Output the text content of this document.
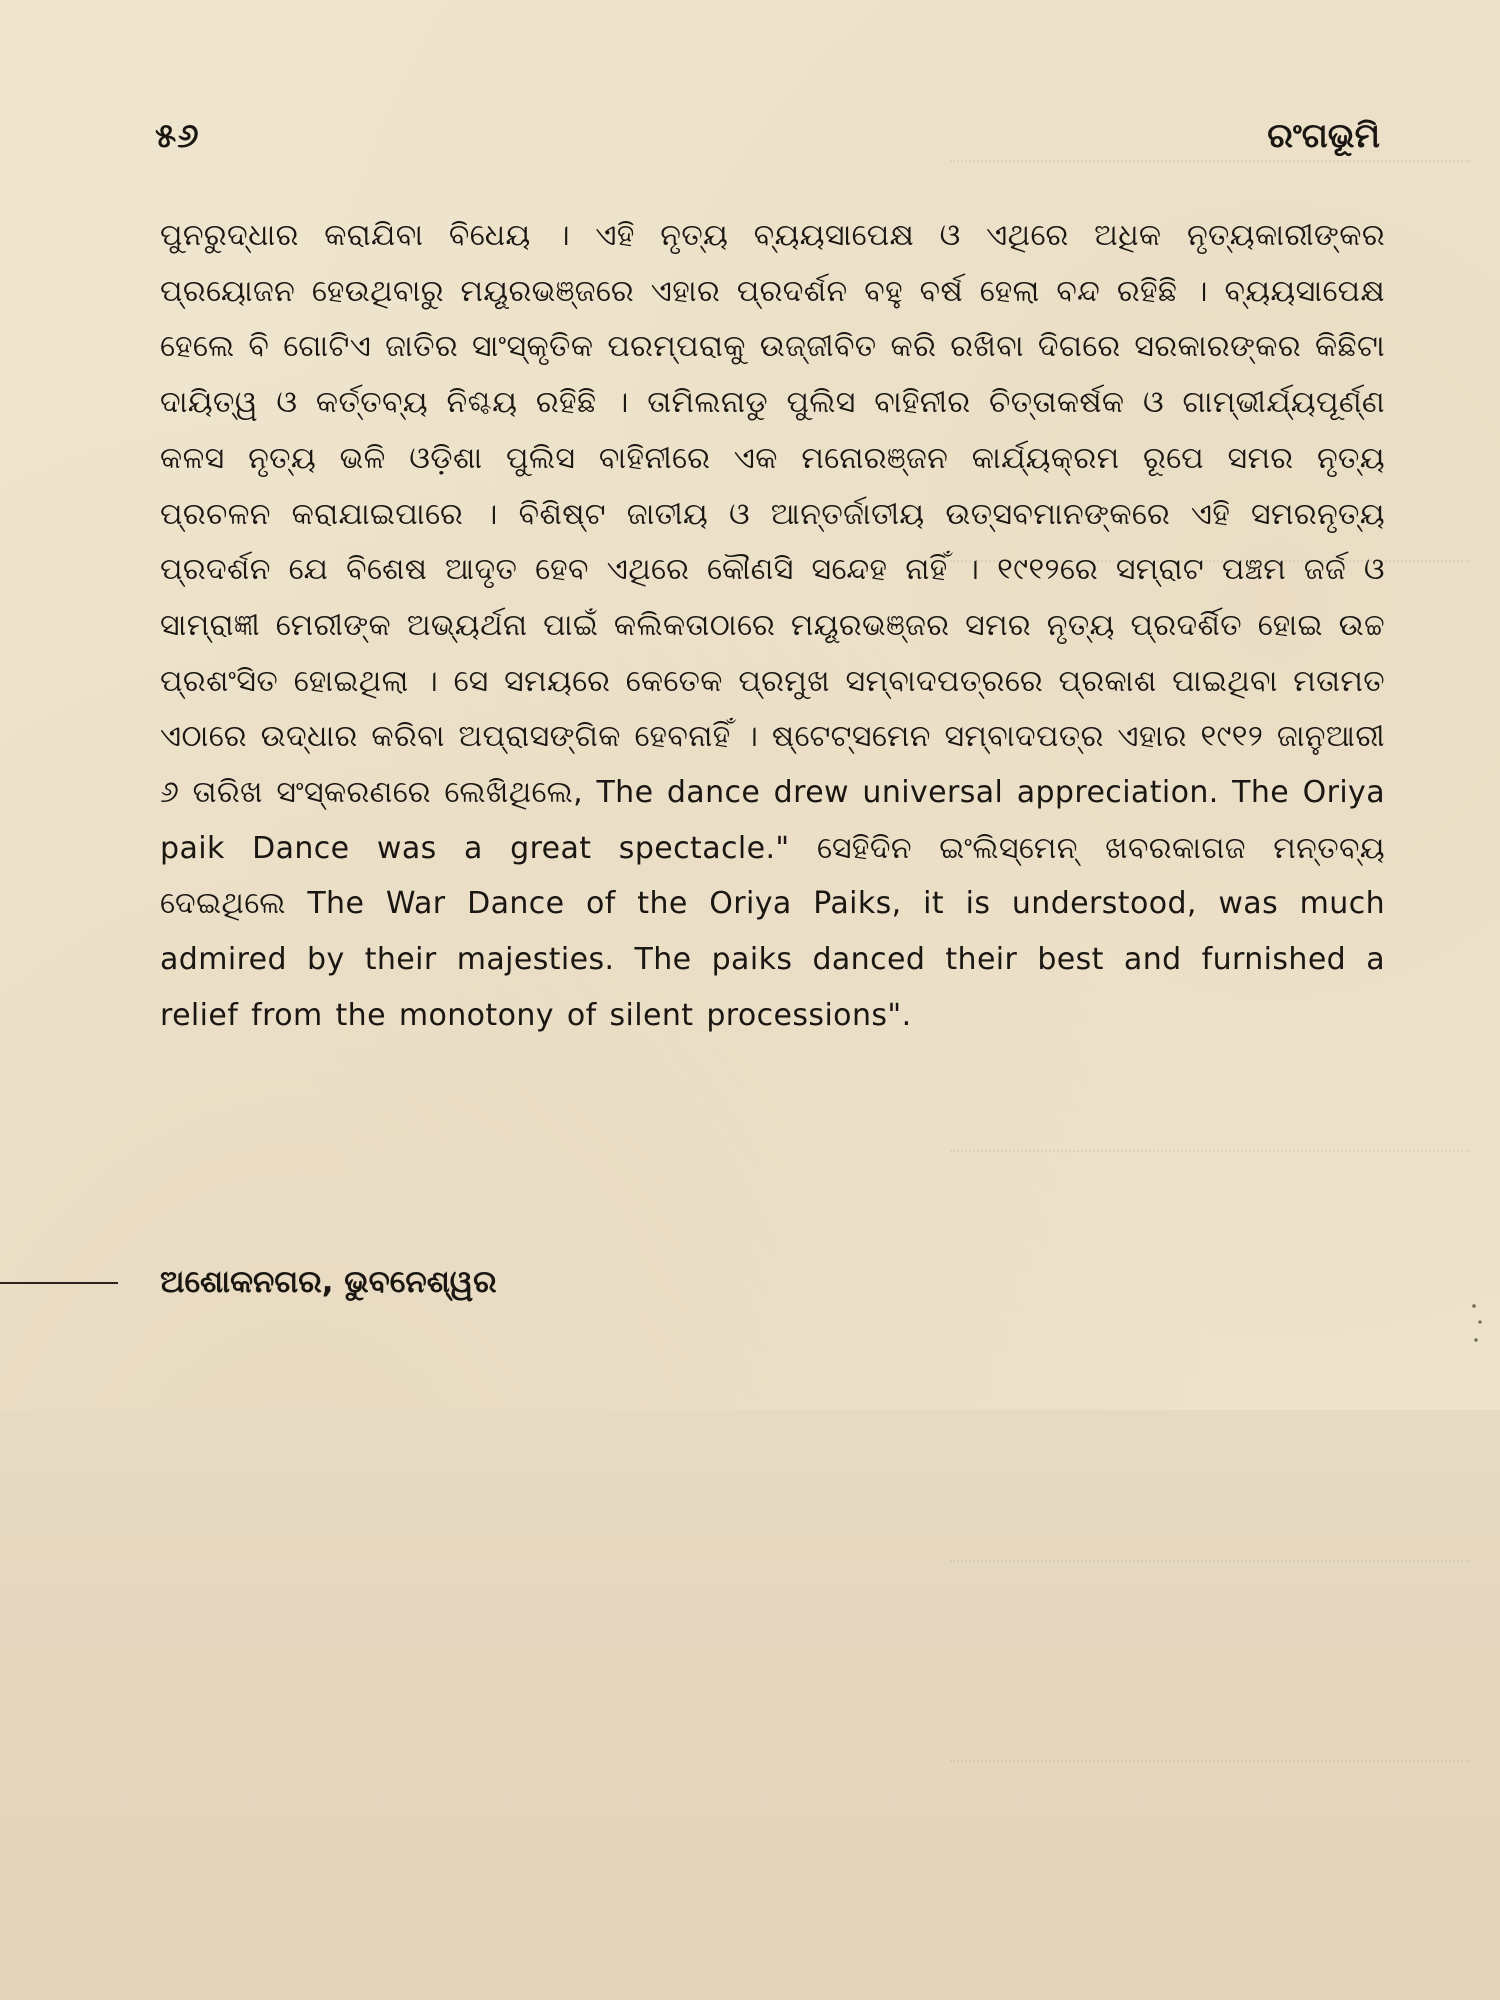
୫୬	ରଂଗଭୂମି

ପୁନରୁଦ୍ଧାର କରାଯିବା ବିଧେୟ । ଏହି ନୃତ୍ୟ ବ୍ୟୟସାପେକ୍ଷ ଓ ଏଥିରେ ଅଧିକ ନୃତ୍ୟକାରୀଙ୍କର ପ୍ରୟୋଜନ ହେଉଥିବାରୁ ମୟୂରଭଞ୍ଜରେ ଏହାର ପ୍ରଦର୍ଶନ ବହୁ ବର୍ଷ ହେଲା ବନ୍ଦ ରହିଛି । ବ୍ୟୟସାପେକ୍ଷ ହେଲେ ବି ଗୋଟିଏ ଜାତିର ସାଂସ୍କୃତିକ ପରମ୍ପରାକୁ ଉଜ୍ଜୀବିତ କରି ରଖିବା ଦିଗରେ ସରକାରଙ୍କର କିଛିଟା ଦାୟିତ୍ୱ ଓ କର୍ତ୍ତବ୍ୟ ନିଶ୍ଚୟ ରହିଛି । ତାମିଲନାଡୁ ପୁଲିସ ବାହିନୀର ଚିତ୍ତାକର୍ଷକ ଓ ଗାମ୍ଭୀର୍ଯ୍ୟପୂର୍ଣ୍ଣ କଳସ ନୃତ୍ୟ ଭଳି ଓଡ଼ିଶା ପୁଲିସ ବାହିନୀରେ ଏକ ମନୋରଞ୍ଜନ କାର୍ଯ୍ୟକ୍ରମ ରୂପେ ସମର ନୃତ୍ୟ ପ୍ରଚଳନ କରାଯାଇପାରେ । ବିଶିଷ୍ଟ ଜାତୀୟ ଓ ଆନ୍ତର୍ଜାତୀୟ ଉତ୍ସବମାନଙ୍କରେ ଏହି ସମରନୃତ୍ୟ ପ୍ରଦର୍ଶନ ଯେ ବିଶେଷ ଆଦୃତ ହେବ ଏଥିରେ କୌଣସି ସନ୍ଦେହ ନାହିଁ । ୧୯୧୨ରେ ସମ୍ରାଟ ପଞ୍ଚମ ଜର୍ଜ ଓ ସାମ୍ରାଜ୍ଞୀ ମେରୀଙ୍କ ଅଭ୍ୟର୍ଥନା ପାଇଁ କଲିକତାଠାରେ ମୟୂରଭଞ୍ଜର ସମର ନୃତ୍ୟ ପ୍ରଦର୍ଶିତ ହୋଇ ଉଚ୍ଚ ପ୍ରଶଂସିତ ହୋଇଥିଲା । ସେ ସମୟରେ କେତେକ ପ୍ରମୁଖ ସମ୍ବାଦପତ୍ରରେ ପ୍ରକାଶ ପାଇଥିବା ମତାମତ ଏଠାରେ ଉଦ୍ଧାର କରିବା ଅପ୍ରାସଙ୍ଗିକ ହେବନାହିଁ । ଷ୍ଟେଟ୍ସମେନ ସମ୍ବାଦପତ୍ର ଏହାର ୧୯୧୨ ଜାନୁଆରୀ ୬ ତାରିଖ ସଂସ୍କରଣରେ ଲେଖିଥିଲେ, The dance drew universal appreciation. The Oriya paik Dance was a great spectacle." ସେହିଦିନ ଇଂଲିସ୍‌ମେନ୍ ଖବରକାଗଜ ମନ୍ତବ୍ୟ ଦେଇଥିଲେ The War Dance of the Oriya Paiks, it is understood, was much admired by their majesties. The paiks danced their best and furnished a relief from the monotony of silent processions".

ଅଶୋକନଗର, ଭୁବନେଶ୍ୱର
